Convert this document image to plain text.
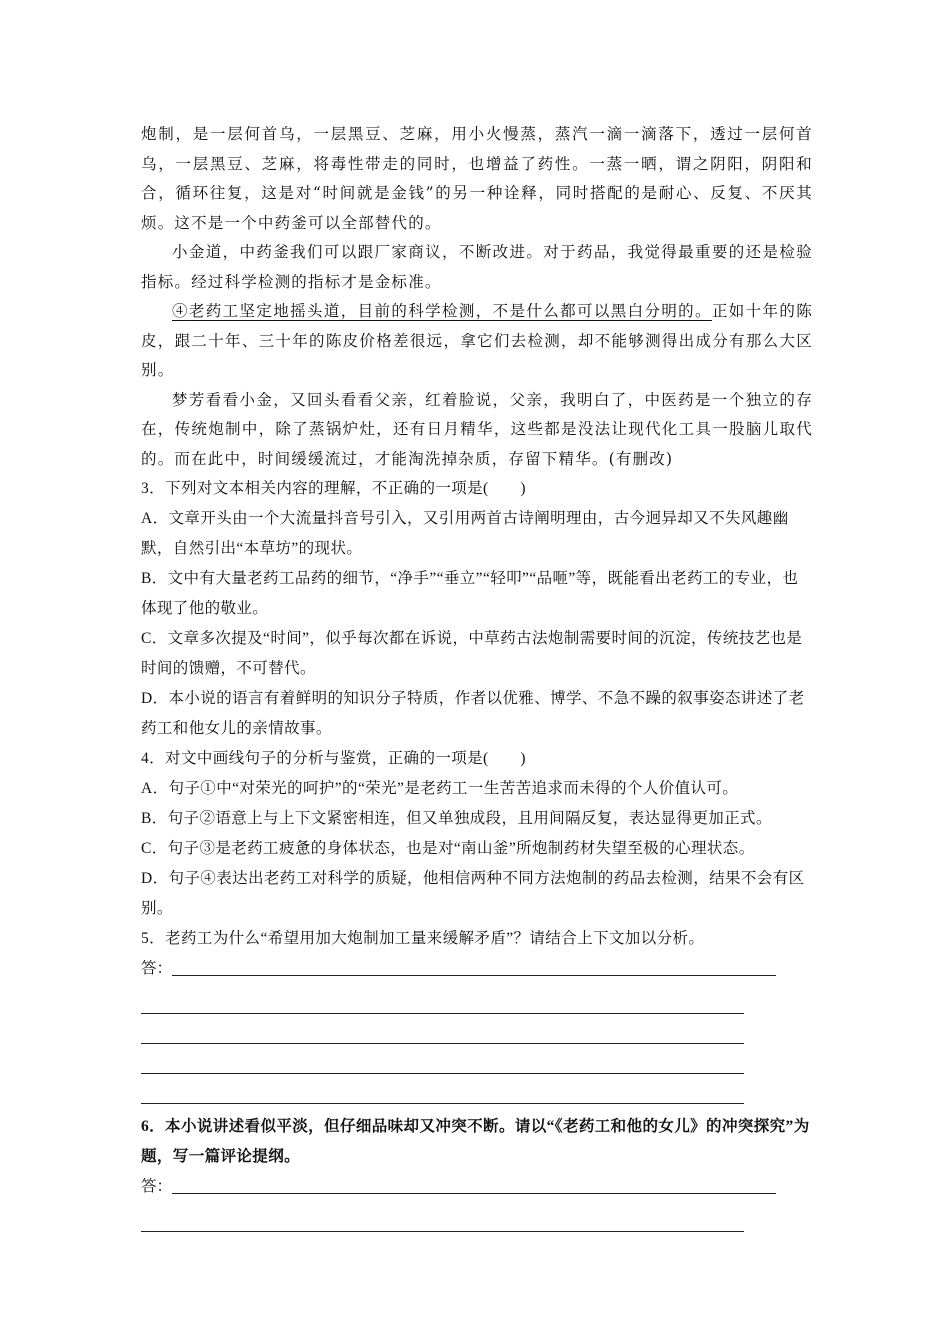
炮制，是一层何首乌，一层黑豆、芝麻，用小火慢蒸，蒸汽一滴一滴落下，透过一层何首乌，一层黑豆、芝麻，将毒性带走的同时，也增益了药性。一蒸一晒，谓之阴阳，阴阳和合，循环往复，这是对“时间就是金钱”的另一种诠释，同时搭配的是耐心、反复、不厌其烦。这不是一个中药釜可以全部替代的。

小金道，中药釜我们可以跟厂家商议，不断改进。对于药品，我觉得最重要的还是检验指标。经过科学检测的指标才是金标准。

④老药工坚定地摇头道，目前的科学检测，不是什么都可以黑白分明的。正如十年的陈皮，跟二十年、三十年的陈皮价格差很远，拿它们去检测，却不能够测得出成分有那么大区别。

梦芳看看小金，又回头看看父亲，红着脸说，父亲，我明白了，中医药是一个独立的存在，传统炮制中，除了蒸锅炉灶，还有日月精华，这些都是没法让现代化工具一股脑儿取代的。而在此中，时间缓缓流过，才能淘洗掉杂质，存留下精华。(有删改)

3．下列对文本相关内容的理解，不正确的一项是(　　)

A．文章开头由一个大流量抖音号引入，又引用两首古诗阐明理由，古今迥异却又不失风趣幽默，自然引出“本草坊”的现状。

B．文中有大量老药工品药的细节，“净手”“垂立”“轻叩”“品咂”等，既能看出老药工的专业，也体现了他的敬业。

C．文章多次提及“时间”，似乎每次都在诉说，中草药古法炮制需要时间的沉淀，传统技艺也是时间的馈赠，不可替代。

D．本小说的语言有着鲜明的知识分子特质，作者以优雅、博学、不急不躁的叙事姿态讲述了老药工和他女儿的亲情故事。

4．对文中画线句子的分析与鉴赏，正确的一项是(　　)

A．句子①中“对荣光的呵护”的“荣光”是老药工一生苦苦追求而未得的个人价值认可。

B．句子②语意上与上下文紧密相连，但又单独成段，且用间隔反复，表达显得更加正式。

C．句子③是老药工疲惫的身体状态，也是对“南山釜”所炮制药材失望至极的心理状态。

D．句子④表达出老药工对科学的质疑，他相信两种不同方法炮制的药品去检测，结果不会有区别。

5．老药工为什么“希望用加大炮制加工量来缓解矛盾”？请结合上下文加以分析。

答：

6．本小说讲述看似平淡，但仔细品味却又冲突不断。请以“《老药工和他的女儿》的冲突探究”为题，写一篇评论提纲。

答：
